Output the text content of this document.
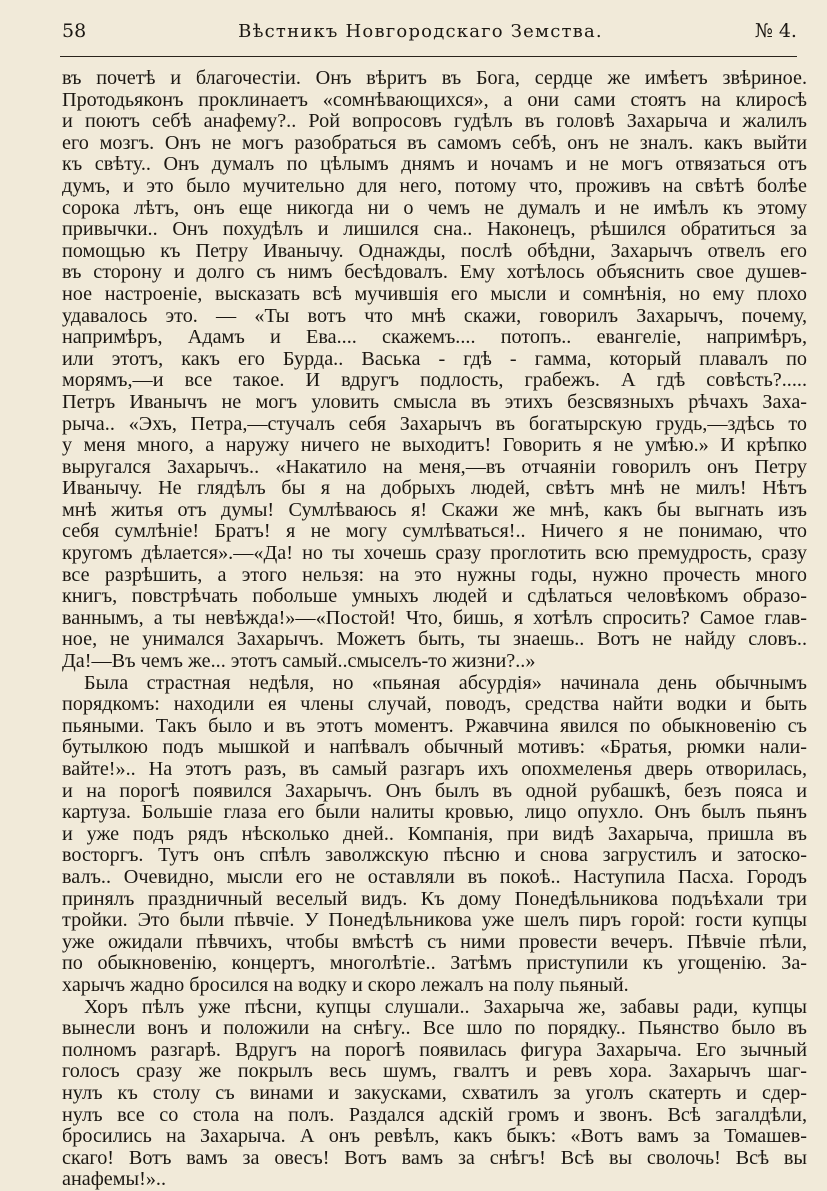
58	Вѣстникъ Новгородскаго Земства.	№ 4.

въ почетѣ и благочестіи. Онъ вѣритъ въ Бога, сердце же имѣетъ звѣриное.
Протодьяконъ проклинаетъ «сомнѣвающихся», а они сами стоятъ на клиросѣ
и поютъ себѣ анафему?.. Рой вопросовъ гудѣлъ въ головѣ Захарыча и жалилъ
его мозгъ. Онъ не могъ разобраться въ самомъ себѣ, онъ не зналъ. какъ выйти
къ свѣту.. Онъ думалъ по цѣлымъ днямъ и ночамъ и не могъ отвязаться отъ
думъ, и это было мучительно для него, потому что, проживъ на свѣтѣ болѣе
сорока лѣтъ, онъ еще никогда ни о чемъ не думалъ и не имѣлъ къ этому
привычки.. Онъ похудѣлъ и лишился сна.. Наконецъ, рѣшился обратиться за
помощью къ Петру Иванычу. Однажды, послѣ обѣдни, Захарычъ отвелъ его
въ сторону и долго съ нимъ бесѣдовалъ. Ему хотѣлось объяснить свое душев-
ное настроеніе, высказать всѣ мучившія его мысли и сомнѣнія, но ему плохо
удавалось это. — «Ты вотъ что мнѣ скажи, говорилъ Захарычъ, почему,
напримѣръ, Адамъ и Ева.... скажемъ.... потопъ.. евангеліе, напримѣръ,
или этотъ, какъ его Бурда.. Васька - гдѣ - гамма, который плавалъ по
морямъ,—и все такое. И вдругъ подлость, грабежъ. А гдѣ совѣсть?.....
Петръ Иванычъ не могъ уловить смысла въ этихъ безсвязныхъ рѣчахъ Заха-
рыча.. «Эхъ, Петра,—стучалъ себя Захарычъ въ богатырскую грудь,—здѣсь то
у меня много, а наружу ничего не выходитъ! Говорить я не умѣю.» И крѣпко
выругался Захарычъ.. «Накатило на меня,—въ отчаяніи говорилъ онъ Петру
Иванычу. Не глядѣлъ бы я на добрыхъ людей, свѣтъ мнѣ не милъ! Нѣтъ
мнѣ житья отъ думы! Сумлѣваюсь я! Скажи же мнѣ, какъ бы выгнать изъ
себя сумлѣніе! Братъ! я не могу сумлѣваться!.. Ничего я не понимаю, что
кругомъ дѣлается».—«Да! но ты хочешь сразу проглотить всю премудрость, сразу
все разрѣшить, а этого нельзя: на это нужны годы, нужно прочесть много
книгъ, повстрѣчать побольше умныхъ людей и сдѣлаться человѣкомъ образо-
ваннымъ, а ты невѣжда!»—«Постой! Что, бишь, я хотѣлъ спросить? Самое глав-
ное, не унимался Захарычъ. Можетъ быть, ты знаешь.. Вотъ не найду словъ..
Да!—Въ чемъ же... этотъ самый..смыселъ-то жизни?..»

Была страстная недѣля, но «пьяная абсурдія» начинала день обычнымъ
порядкомъ: находили ея члены случай, поводъ, средства найти водки и быть
пьяными. Такъ было и въ этотъ моментъ. Ржавчина явился по обыкновенію съ
бутылкою подъ мышкой и напѣвалъ обычный мотивъ: «Братья, рюмки нали-
вайте!».. На этотъ разъ, въ самый разгаръ ихъ опохмеленья дверь отворилась,
и на порогѣ появился Захарычъ. Онъ былъ въ одной рубашкѣ, безъ пояса и
картуза. Большіе глаза его были налиты кровью, лицо опухло. Онъ былъ пьянъ
и уже подъ рядъ нѣсколько дней.. Компанія, при видѣ Захарыча, пришла въ
восторгъ. Тутъ онъ спѣлъ заволжскую пѣсню и снова загрустилъ и затоско-
валъ.. Очевидно, мысли его не оставляли въ покоѣ.. Наступила Пасха. Городъ
принялъ праздничный веселый видъ. Къ дому Понедѣльникова подъѣхали три
тройки. Это были пѣвчіе. У Понедѣльникова уже шелъ пиръ горой: гости купцы
уже ожидали пѣвчихъ, чтобы вмѣстѣ съ ними провести вечеръ. Пѣвчіе пѣли,
по обыкновенію, концертъ, многолѣтіе.. Затѣмъ приступили къ угощенію. За-
харычъ жадно бросился на водку и скоро лежалъ на полу пьяный.

Хоръ пѣлъ уже пѣсни, купцы слушали.. Захарыча же, забавы ради, купцы
вынесли вонъ и положили на снѣгу.. Все шло по порядку.. Пьянство было въ
полномъ разгарѣ. Вдругъ на порогѣ появилась фигура Захарыча. Его зычный
голосъ сразу же покрылъ весь шумъ, гвалтъ и ревъ хора. Захарычъ шаг-
нулъ къ столу съ винами и закусками, схватилъ за уголъ скатерть и сдер-
нулъ все со стола на полъ. Раздался адскій громъ и звонъ. Всѣ загалдѣли,
бросились на Захарыча. А онъ ревѣлъ, какъ быкъ: «Вотъ вамъ за Томашев-
скаго! Вотъ вамъ за овесъ! Вотъ вамъ за снѣгъ! Всѣ вы сволочь! Всѣ вы
анафемы!»..
